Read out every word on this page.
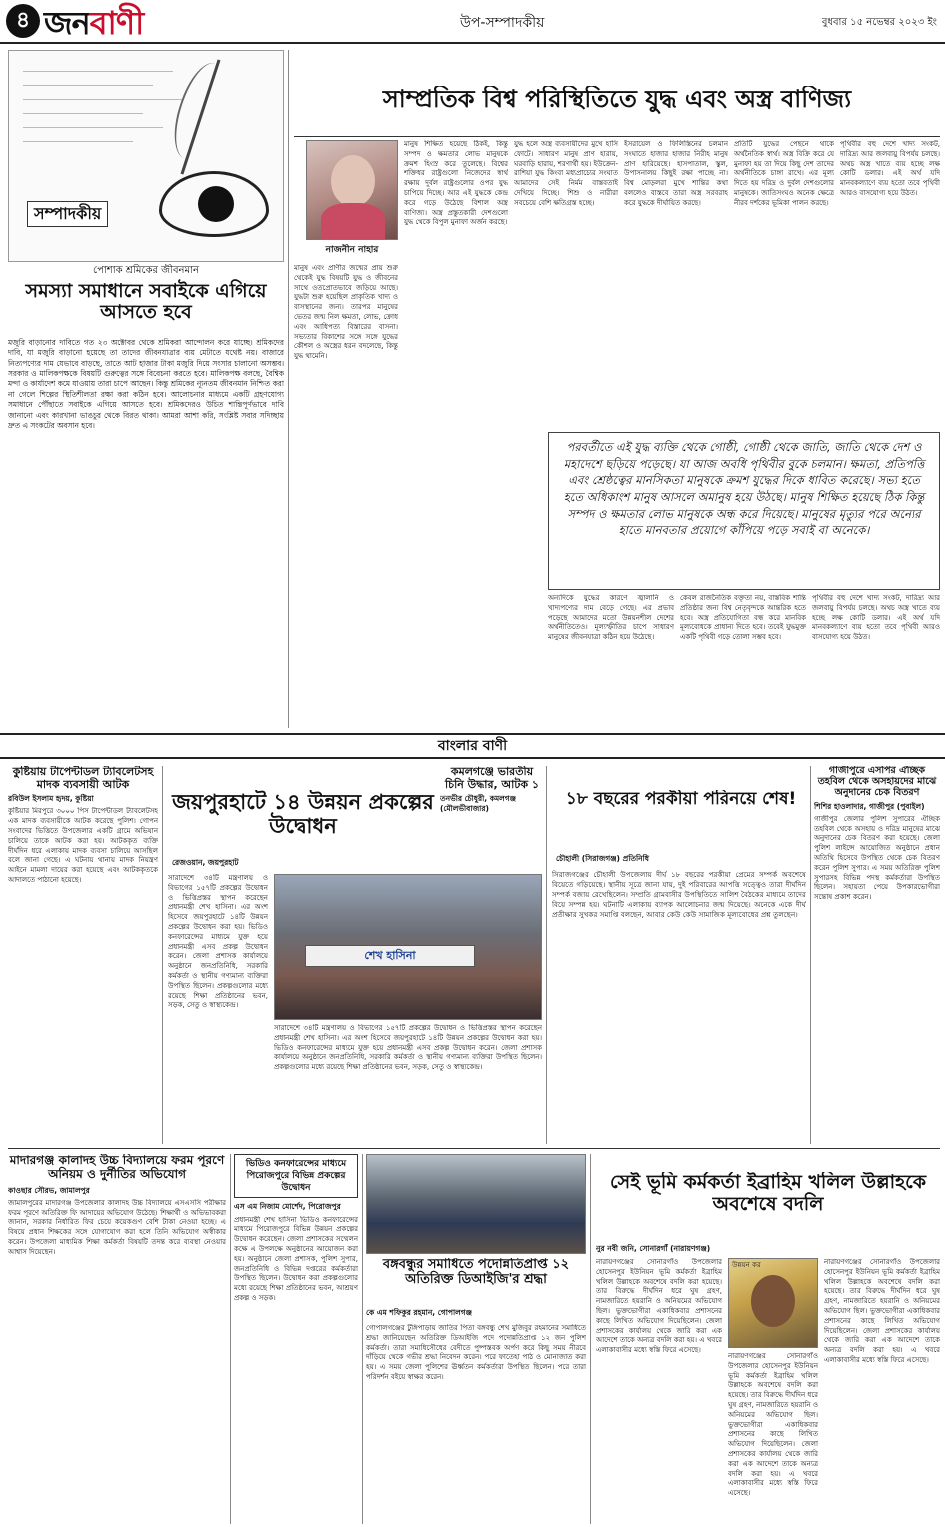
৪ জনবাণী	উপ-সম্পাদকীয়	বুধবার ১৫ নভেম্বর ২০২৩ ইং
সম্পাদকীয়
পোশাক শ্রমিকের জীবনমান
সমস্যা সমাধানে সবাইকে এগিয়ে আসতে হবে
মজুরি বাড়ানোর দাবিতে গত ২৩ অক্টোবর থেকে শ্রমিকরা আন্দোলন করে যাচ্ছে। শ্রমিকদের দাবি, যা মজুরি বাড়ানো হয়েছে তা তাদের জীবনযাত্রার ব্যয় মেটাতে যথেষ্ট নয়। বাজারে নিত্যপণ্যের দাম যেভাবে বাড়ছে, তাতে আট হাজার টাকা মজুরি দিয়ে সংসার চালানো অসম্ভব। সরকার ও মালিকপক্ষকে বিষয়টি গুরুত্বের সঙ্গে বিবেচনা করতে হবে। মালিকপক্ষ বলছে, বৈশ্বিক মন্দা ও কার্যাদেশ কমে যাওয়ায় তারা চাপে আছেন। কিন্তু শ্রমিকের ন্যূনতম জীবনমান নিশ্চিত করা না গেলে শিল্পের স্থিতিশীলতা রক্ষা করা কঠিন হবে। আলোচনার মাধ্যমে একটি গ্রহণযোগ্য সমাধানে পৌঁছাতে সবাইকে এগিয়ে আসতে হবে। শ্রমিকদেরও উচিত শান্তিপূর্ণভাবে দাবি জানানো এবং কারখানা ভাঙচুর থেকে বিরত থাকা। আমরা আশা করি, সংশ্লিষ্ট সবার সদিচ্ছায় দ্রুত এ সংকটের অবসান হবে।
সাম্প্রতিক বিশ্ব পরিস্থিতিতে যুদ্ধ এবং অস্ত্র বাণিজ্য
নাজনীন নাহার
মানুষ এবং প্রাণীর জন্মের প্রায় শুরু থেকেই যুদ্ধ বিষয়টি যুদ্ধ ও জীবনের সাথে ওতপ্রোতভাবে জড়িয়ে আছে। যুদ্ধটা শুরু হয়েছিল প্রাকৃতিক খাদ্য ও বাসস্থানের জন্য। তারপর মানুষের ভেতর জন্ম নিল ক্ষমতা, লোভ, ক্রোধ এবং আধিপত্য বিস্তারের বাসনা। সভ্যতার বিকাশের সঙ্গে সঙ্গে যুদ্ধের কৌশল ও অস্ত্রের ধরন বদলেছে, কিন্তু যুদ্ধ থামেনি।
মানুষ শিক্ষিত হয়েছে ঠিকই, কিন্তু সম্পদ ও ক্ষমতার লোভ মানুষকে ক্রমশ হিংস্র করে তুলেছে। বিশ্বের শক্তিধর রাষ্ট্রগুলো নিজেদের স্বার্থ রক্ষায় দুর্বল রাষ্ট্রগুলোর ওপর যুদ্ধ চাপিয়ে দিচ্ছে। আর এই যুদ্ধকে কেন্দ্র করে গড়ে উঠেছে বিশাল অস্ত্র বাণিজ্য। অস্ত্র প্রস্তুতকারী দেশগুলো যুদ্ধ থেকে বিপুল মুনাফা অর্জন করছে।
যুদ্ধ হলে অস্ত্র ব্যবসায়ীদের মুখে হাসি ফোটে। সাধারণ মানুষ প্রাণ হারায়, ঘরবাড়ি হারায়, শরণার্থী হয়। ইউক্রেন-রাশিয়া যুদ্ধ কিংবা মধ্যপ্রাচ্যের সংঘাত আমাদের সেই নির্মম বাস্তবতাই দেখিয়ে দিচ্ছে। শিশু ও নারীরা সবচেয়ে বেশি ক্ষতিগ্রস্ত হচ্ছে।
ইসরায়েল ও ফিলিস্তিনের চলমান সংঘাতে হাজার হাজার নিরীহ মানুষ প্রাণ হারিয়েছে। হাসপাতাল, স্কুল, উপাসনালয় কিছুই রক্ষা পাচ্ছে না। বিশ্ব মোড়লরা মুখে শান্তির কথা বললেও বাস্তবে তারা অস্ত্র সরবরাহ করে যুদ্ধকে দীর্ঘায়িত করছে।
প্রতিটি যুদ্ধের পেছনে থাকে অর্থনৈতিক স্বার্থ। অস্ত্র বিক্রি করে যে মুনাফা হয় তা দিয়ে কিছু দেশ তাদের অর্থনীতিকে চাঙ্গা রাখে। এর মূল্য দিতে হয় দরিদ্র ও দুর্বল দেশগুলোর মানুষকে। জাতিসংঘও অনেক ক্ষেত্রে নীরব দর্শকের ভূমিকা পালন করছে।
পৃথিবীর বহু দেশে খাদ্য সংকট, দারিদ্র্য আর জলবায়ু বিপর্যয় চলছে। অথচ অস্ত্র খাতে ব্যয় হচ্ছে লক্ষ কোটি ডলার। এই অর্থ যদি মানবকল্যাণে ব্যয় হতো তবে পৃথিবী আরও বাসযোগ্য হয়ে উঠত।
পরবর্তীতে এই যুদ্ধ ব্যক্তি থেকে গোষ্ঠী, গোষ্ঠী থেকে জাতি, জাতি থেকে দেশ ও মহাদেশে ছড়িয়ে পড়েছে। যা আজ অবধি পৃথিবীর বুকে চলমান। ক্ষমতা, প্রতিপত্তি এবং শ্রেষ্ঠত্বের মানসিকতা মানুষকে ক্রমশ যুদ্ধের দিকে ধাবিত করেছে। সভ্য হতে হতে অধিকাংশ মানুষ আসলে অমানুষ হয়ে উঠছে। মানুষ শিক্ষিত হয়েছে ঠিক কিন্তু সম্পদ ও ক্ষমতার লোভ মানুষকে অন্ধ করে দিয়েছে। মানুষের মৃত্যুর পরে অন্যের হাতে মানবতার প্রয়োগে কাঁপিয়ে পড়ে সবাই বা অনেকে।
অন্যদিকে যুদ্ধের কারণে জ্বালানি ও খাদ্যপণ্যের দাম বেড়ে গেছে। এর প্রভাব পড়েছে আমাদের মতো উন্নয়নশীল দেশের অর্থনীতিতেও। মূল্যস্ফীতির চাপে সাধারণ মানুষের জীবনযাত্রা কঠিন হয়ে উঠেছে।
কেবল রাজনৈতিক বক্তৃতা নয়, বাস্তবিক শান্তি প্রতিষ্ঠার জন্য বিশ্ব নেতৃবৃন্দকে আন্তরিক হতে হবে। অস্ত্র প্রতিযোগিতা বন্ধ করে মানবিক মূল্যবোধকে প্রাধান্য দিতে হবে। তবেই যুদ্ধমুক্ত একটি পৃথিবী গড়ে তোলা সম্ভব হবে।
পৃথিবীর বহু দেশে খাদ্য সংকট, দারিদ্র্য আর জলবায়ু বিপর্যয় চলছে। অথচ অস্ত্র খাতে ব্যয় হচ্ছে লক্ষ কোটি ডলার। এই অর্থ যদি মানবকল্যাণে ব্যয় হতো তবে পৃথিবী আরও বাসযোগ্য হয়ে উঠত।
বাংলার বাণী
কুষ্টিয়ায় টাপেন্টাডল ট্যাবলেটসহ মাদক ব্যবসায়ী আটক
রবিউল ইসলাম হৃদয়, কুষ্টিয়া
কুষ্টিয়ার মিরপুরে ৩০০০ পিস টাপেন্টাডল ট্যাবলেটসহ এক মাদক ব্যবসায়ীকে আটক করেছে পুলিশ। গোপন সংবাদের ভিত্তিতে উপজেলার একটি গ্রামে অভিযান চালিয়ে তাকে আটক করা হয়। আটককৃত ব্যক্তি দীর্ঘদিন ধরে এলাকায় মাদক ব্যবসা চালিয়ে আসছিল বলে জানা গেছে। এ ঘটনায় থানায় মাদক নিয়ন্ত্রণ আইনে মামলা দায়ের করা হয়েছে এবং আটককৃতকে আদালতে পাঠানো হয়েছে।
জয়পুরহাটে ১৪ উন্নয়ন প্রকল্পের উদ্বোধন
রেজওয়ান, জয়পুরহাট
সারাদেশে ৩৪টি মন্ত্রণালয় ও বিভাগের ১৫৭টি প্রকল্পের উদ্বোধন ও ভিত্তিপ্রস্তর স্থাপন করেছেন প্রধানমন্ত্রী শেখ হাসিনা। এর অংশ হিসেবে জয়পুরহাটে ১৪টি উন্নয়ন প্রকল্পের উদ্বোধন করা হয়। ভিডিও কনফারেন্সের মাধ্যমে যুক্ত হয়ে প্রধানমন্ত্রী এসব প্রকল্প উদ্বোধন করেন। জেলা প্রশাসক কার্যালয়ে অনুষ্ঠানে জনপ্রতিনিধি, সরকারি কর্মকর্তা ও স্থানীয় গণ্যমান্য ব্যক্তিরা উপস্থিত ছিলেন। প্রকল্পগুলোর মধ্যে রয়েছে শিক্ষা প্রতিষ্ঠানের ভবন, সড়ক, সেতু ও স্বাস্থ্যকেন্দ্র।
শেখ হাসিনা
সারাদেশে ৩৪টি মন্ত্রণালয় ও বিভাগের ১৫৭টি প্রকল্পের উদ্বোধন ও ভিত্তিপ্রস্তর স্থাপন করেছেন প্রধানমন্ত্রী শেখ হাসিনা। এর অংশ হিসেবে জয়পুরহাটে ১৪টি উন্নয়ন প্রকল্পের উদ্বোধন করা হয়। ভিডিও কনফারেন্সের মাধ্যমে যুক্ত হয়ে প্রধানমন্ত্রী এসব প্রকল্প উদ্বোধন করেন। জেলা প্রশাসক কার্যালয়ে অনুষ্ঠানে জনপ্রতিনিধি, সরকারি কর্মকর্তা ও স্থানীয় গণ্যমান্য ব্যক্তিরা উপস্থিত ছিলেন। প্রকল্পগুলোর মধ্যে রয়েছে শিক্ষা প্রতিষ্ঠানের ভবন, সড়ক, সেতু ও স্বাস্থ্যকেন্দ্র।
কমলগঞ্জে ভারতীয় চিনি উদ্ধার, আটক ১
তনভীর চৌধুরী, কমলগঞ্জ (মৌলভীবাজার)	১৮ বছরের পরকীয়া পরিনয়ে শেষ!
চৌহালী (সিরাজগঞ্জ) প্রতিনিধি
সিরাজগঞ্জের চৌহালী উপজেলায় দীর্ঘ ১৮ বছরের পরকীয়া প্রেমের সম্পর্ক অবশেষে বিয়েতে গড়িয়েছে। স্থানীয় সূত্রে জানা যায়, দুই পরিবারের আপত্তি সত্ত্বেও তারা দীর্ঘদিন সম্পর্ক বজায় রেখেছিলেন। সম্প্রতি গ্রামবাসীর উপস্থিতিতে সালিশ বৈঠকের মাধ্যমে তাদের বিয়ে সম্পন্ন হয়। ঘটনাটি এলাকায় ব্যাপক আলোচনার জন্ম দিয়েছে। অনেকে একে দীর্ঘ প্রতীক্ষার সুখকর সমাপ্তি বলছেন, আবার কেউ কেউ সামাজিক মূল্যবোধের প্রশ্ন তুলছেন।
গাজীপুরে এসপির ঐচ্ছিক তহবিল থেকে অসহায়দের মাঝে অনুদানের চেক বিতরণ
শিশির হাওলাদার, গাজীপুর (পুবাইল)
গাজীপুর জেলার পুলিশ সুপারের ঐচ্ছিক তহবিল থেকে অসহায় ও দরিদ্র মানুষের মাঝে অনুদানের চেক বিতরণ করা হয়েছে। জেলা পুলিশ লাইন্সে আয়োজিত অনুষ্ঠানে প্রধান অতিথি হিসেবে উপস্থিত থেকে চেক বিতরণ করেন পুলিশ সুপার। এ সময় অতিরিক্ত পুলিশ সুপারসহ বিভিন্ন পদস্থ কর্মকর্তারা উপস্থিত ছিলেন। সহায়তা পেয়ে উপকারভোগীরা সন্তোষ প্রকাশ করেন।
মাদারগঞ্জ কালাদহ উচ্চ বিদ্যালয়ে ফরম পূরণে অনিয়ম ও দুর্নীতির অভিযোগ
কাওছার সৌরভ, জামালপুর
জামালপুরের মাদারগঞ্জ উপজেলার কালাদহ উচ্চ বিদ্যালয়ে এসএসসি পরীক্ষার ফরম পূরণে অতিরিক্ত ফি আদায়ের অভিযোগ উঠেছে। শিক্ষার্থী ও অভিভাবকরা জানান, সরকার নির্ধারিত ফির চেয়ে কয়েকগুণ বেশি টাকা নেওয়া হচ্ছে। এ বিষয়ে প্রধান শিক্ষকের সঙ্গে যোগাযোগ করা হলে তিনি অভিযোগ অস্বীকার করেন। উপজেলা মাধ্যমিক শিক্ষা কর্মকর্তা বিষয়টি তদন্ত করে ব্যবস্থা নেওয়ার আশ্বাস দিয়েছেন।
ভিডিও কনফারেন্সের মাধ্যমে পিরোজপুরে বিভিন্ন প্রকল্পের উদ্বোধন
এস এম নিজাম মোর্শেদ, পিরোজপুর
প্রধানমন্ত্রী শেখ হাসিনা ভিডিও কনফারেন্সের মাধ্যমে পিরোজপুরে বিভিন্ন উন্নয়ন প্রকল্পের উদ্বোধন করেছেন। জেলা প্রশাসকের সম্মেলন কক্ষে এ উপলক্ষে অনুষ্ঠানের আয়োজন করা হয়। অনুষ্ঠানে জেলা প্রশাসক, পুলিশ সুপার, জনপ্রতিনিধি ও বিভিন্ন দপ্তরের কর্মকর্তারা উপস্থিত ছিলেন। উদ্বোধন করা প্রকল্পগুলোর মধ্যে রয়েছে শিক্ষা প্রতিষ্ঠানের ভবন, আশ্রয়ণ প্রকল্প ও সড়ক।
বঙ্গবন্ধুর সমাধিতে পদোন্নতিপ্রাপ্ত ১২ অতিরিক্ত ডিআইজি'র শ্রদ্ধা
কে এম শফিকুর রহমান, গোপালগঞ্জ
গোপালগঞ্জের টুঙ্গিপাড়ায় জাতির পিতা বঙ্গবন্ধু শেখ মুজিবুর রহমানের সমাধিতে শ্রদ্ধা জানিয়েছেন অতিরিক্ত ডিআইজি পদে পদোন্নতিপ্রাপ্ত ১২ জন পুলিশ কর্মকর্তা। তারা সমাধিসৌধের বেদীতে পুষ্পস্তবক অর্পণ করে কিছু সময় নীরবে দাঁড়িয়ে থেকে গভীর শ্রদ্ধা নিবেদন করেন। পরে ফাতেহা পাঠ ও মোনাজাত করা হয়। এ সময় জেলা পুলিশের ঊর্ধ্বতন কর্মকর্তারা উপস্থিত ছিলেন। পরে তারা পরিদর্শন বইয়ে স্বাক্ষর করেন।
সেই ভূমি কর্মকর্তা ইব্রাহিম খলিল উল্লাহকে অবশেষে বদলি
নুর নবী জনি, সোনারগাঁ (নারায়ণগঞ্জ)
নারায়ণগঞ্জের সোনারগাঁও উপজেলার হোসেনপুর ইউনিয়ন ভূমি কর্মকর্তা ইব্রাহিম খলিল উল্লাহকে অবশেষে বদলি করা হয়েছে। তার বিরুদ্ধে দীর্ঘদিন ধরে ঘুষ গ্রহণ, নামজারিতে হয়রানি ও অনিয়মের অভিযোগ ছিল। ভুক্তভোগীরা একাধিকবার প্রশাসনের কাছে লিখিত অভিযোগ দিয়েছিলেন। জেলা প্রশাসকের কার্যালয় থেকে জারি করা এক আদেশে তাকে অন্যত্র বদলি করা হয়। এ খবরে এলাকাবাসীর মধ্যে স্বস্তি ফিরে এসেছে।
উন্নয়ন কর
নারায়ণগঞ্জের সোনারগাঁও উপজেলার হোসেনপুর ইউনিয়ন ভূমি কর্মকর্তা ইব্রাহিম খলিল উল্লাহকে অবশেষে বদলি করা হয়েছে। তার বিরুদ্ধে দীর্ঘদিন ধরে ঘুষ গ্রহণ, নামজারিতে হয়রানি ও অনিয়মের অভিযোগ ছিল। ভুক্তভোগীরা একাধিকবার প্রশাসনের কাছে লিখিত অভিযোগ দিয়েছিলেন। জেলা প্রশাসকের কার্যালয় থেকে জারি করা এক আদেশে তাকে অন্যত্র বদলি করা হয়। এ খবরে এলাকাবাসীর মধ্যে স্বস্তি ফিরে এসেছে।
নারায়ণগঞ্জের সোনারগাঁও উপজেলার হোসেনপুর ইউনিয়ন ভূমি কর্মকর্তা ইব্রাহিম খলিল উল্লাহকে অবশেষে বদলি করা হয়েছে। তার বিরুদ্ধে দীর্ঘদিন ধরে ঘুষ গ্রহণ, নামজারিতে হয়রানি ও অনিয়মের অভিযোগ ছিল। ভুক্তভোগীরা একাধিকবার প্রশাসনের কাছে লিখিত অভিযোগ দিয়েছিলেন। জেলা প্রশাসকের কার্যালয় থেকে জারি করা এক আদেশে তাকে অন্যত্র বদলি করা হয়। এ খবরে এলাকাবাসীর মধ্যে স্বস্তি ফিরে এসেছে।
